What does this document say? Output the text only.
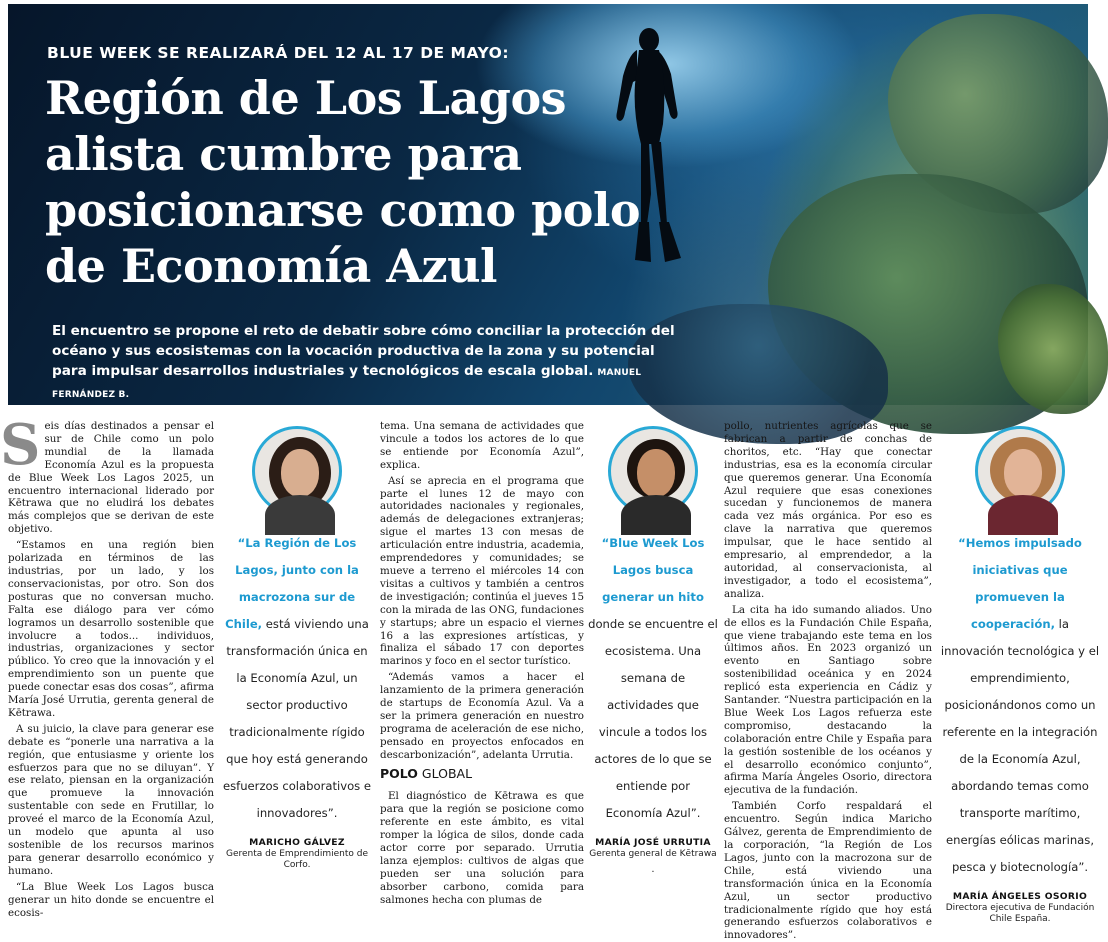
BLUE WEEK SE REALIZARÁ DEL 12 AL 17 DE MAYO:
Región de Los Lagos
alista cumbre para
posicionarse como polo
de Economía Azul
El encuentro se propone el reto de debatir sobre cómo conciliar la protección del océano y sus ecosistemas con la vocación productiva de la zona y su potencial para impulsar desarrollos industriales y tecnológicos de escala global. MANUEL FERNÁNDEZ B.

Seis días destinados a pensar el sur de Chile como un polo mundial de la llamada Economía Azul es la propuesta de Blue Week Los Lagos 2025, un encuentro internacional liderado por Kētrawa que no eludirá los debates más complejos que se derivan de este objetivo.

“Estamos en una región bien polarizada en términos de las industrias, por un lado, y los conservacionistas, por otro. Son dos posturas que no conversan mucho. Falta ese diálogo para ver cómo logramos un desarrollo sostenible que involucre a todos... individuos, industrias, organizaciones y sector público. Yo creo que la innovación y el emprendimiento son un puente que puede conectar esas dos cosas”, afirma María José Urrutia, gerenta general de Kētrawa.

A su juicio, la clave para generar ese debate es “ponerle una narrativa a la región, que entusiasme y oriente los esfuerzos para que no se diluyan”. Y ese relato, piensan en la organización que promueve la innovación sustentable con sede en Frutillar, lo proveé el marco de la Economía Azul, un modelo que apunta al uso sostenible de los recursos marinos para generar desarrollo económico y humano.

“La Blue Week Los Lagos busca generar un hito donde se encuentre el ecosis-

“La Región de Los Lagos, junto con la macrozona sur de Chile, está viviendo una transformación única en la Economía Azul, un sector productivo tradicionalmente rígido que hoy está generando esfuerzos colaborativos e innovadores”.
MARICHO GÁLVEZ
Gerenta de Emprendimiento de Corfo.

tema. Una semana de actividades que vincule a todos los actores de lo que se entiende por Economía Azul”, explica.

Así se aprecia en el programa que parte el lunes 12 de mayo con autoridades nacionales y regionales, además de delegaciones extranjeras; sigue el martes 13 con mesas de articulación entre industria, academia, emprendedores y comunidades; se mueve a terreno el miércoles 14 con visitas a cultivos y también a centros de investigación; continúa el jueves 15 con la mirada de las ONG, fundaciones y startups; abre un espacio el viernes 16 a las expresiones artísticas, y finaliza el sábado 17 con deportes marinos y foco en el sector turístico.

“Además vamos a hacer el lanzamiento de la primera generación de startups de Economía Azul. Va a ser la primera generación en nuestro programa de aceleración de ese nicho, pensado en proyectos enfocados en descarbonización”, adelanta Urrutia.

POLO GLOBAL

El diagnóstico de Kētrawa es que para que la región se posicione como referente en este ámbito, es vital romper la lógica de silos, donde cada actor corre por separado. Urrutia lanza ejemplos: cultivos de algas que pueden ser una solución para absorber carbono, comida para salmones hecha con plumas de

“Blue Week Los Lagos busca generar un hito donde se encuentre el ecosistema. Una semana de actividades que vincule a todos los actores de lo que se entiende por Economía Azul”.
MARÍA JOSÉ URRUTIA
Gerenta general de Kētrawa
.

pollo, nutrientes agrícolas que se fabrican a partir de conchas de choritos, etc. “Hay que conectar industrias, esa es la economía circular que queremos generar. Una Economía Azul requiere que esas conexiones sucedan y funcionemos de manera cada vez más orgánica. Por eso es clave la narrativa que queremos impulsar, que le hace sentido al empresario, al emprendedor, a la autoridad, al conservacionista, al investigador, a todo el ecosistema”, analiza.

La cita ha ido sumando aliados. Uno de ellos es la Fundación Chile España, que viene trabajando este tema en los últimos años. En 2023 organizó un evento en Santiago sobre sostenibilidad oceánica y en 2024 replicó esta experiencia en Cádiz y Santander. “Nuestra participación en la Blue Week Los Lagos refuerza este compromiso, destacando la colaboración entre Chile y España para la gestión sostenible de los océanos y el desarrollo económico conjunto”, afirma María Ángeles Osorio, directora ejecutiva de la fundación.

También Corfo respaldará el encuentro. Según indica Maricho Gálvez, gerenta de Emprendimiento de la corporación, “la Región de Los Lagos, junto con la macrozona sur de Chile, está viviendo una transformación única en la Economía Azul, un sector productivo tradicionalmente rígido que hoy está generando esfuerzos colaborativos e innovadores”.

“Hemos impulsado iniciativas que promueven la cooperación, la innovación tecnológica y el emprendimiento, posicionándonos como un referente en la integración de la Economía Azul, abordando temas como transporte marítimo, energías eólicas marinas, pesca y biotecnología”.
MARÍA ÁNGELES OSORIO
Directora ejecutiva de Fundación Chile España.
